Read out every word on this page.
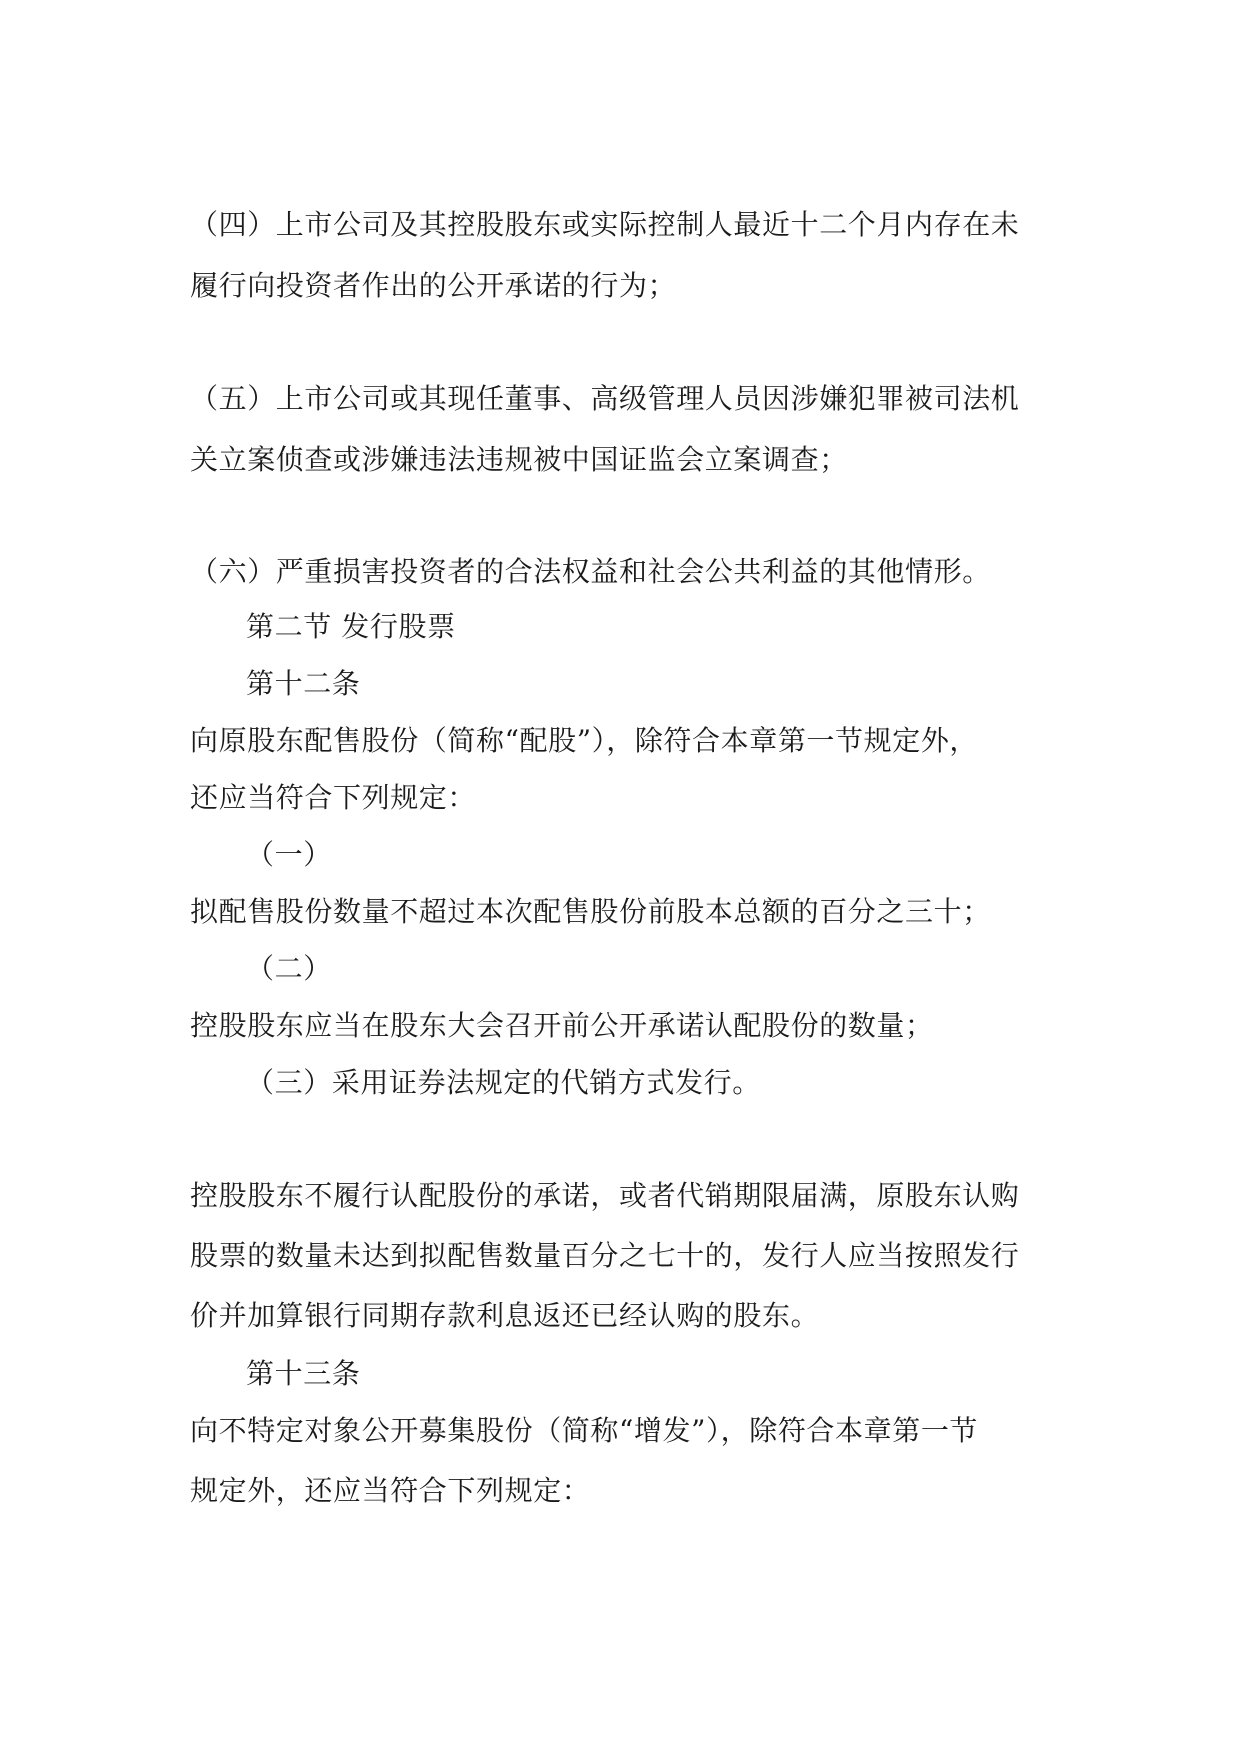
（四）上市公司及其控股股东或实际控制人最近十二个月内存在未
履行向投资者作出的公开承诺的行为；
（五）上市公司或其现任董事、高级管理人员因涉嫌犯罪被司法机
关立案侦查或涉嫌违法违规被中国证监会立案调查；
（六）严重损害投资者的合法权益和社会公共利益的其他情形。
第二节 发行股票
第十二条
向原股东配售股份（简称“配股”），除符合本章第一节规定外，
还应当符合下列规定：
（一）
拟配售股份数量不超过本次配售股份前股本总额的百分之三十；
（二）
控股股东应当在股东大会召开前公开承诺认配股份的数量；
（三）采用证券法规定的代销方式发行。
控股股东不履行认配股份的承诺，或者代销期限届满，原股东认购
股票的数量未达到拟配售数量百分之七十的，发行人应当按照发行
价并加算银行同期存款利息返还已经认购的股东。
第十三条
向不特定对象公开募集股份（简称“增发”），除符合本章第一节
规定外，还应当符合下列规定：
